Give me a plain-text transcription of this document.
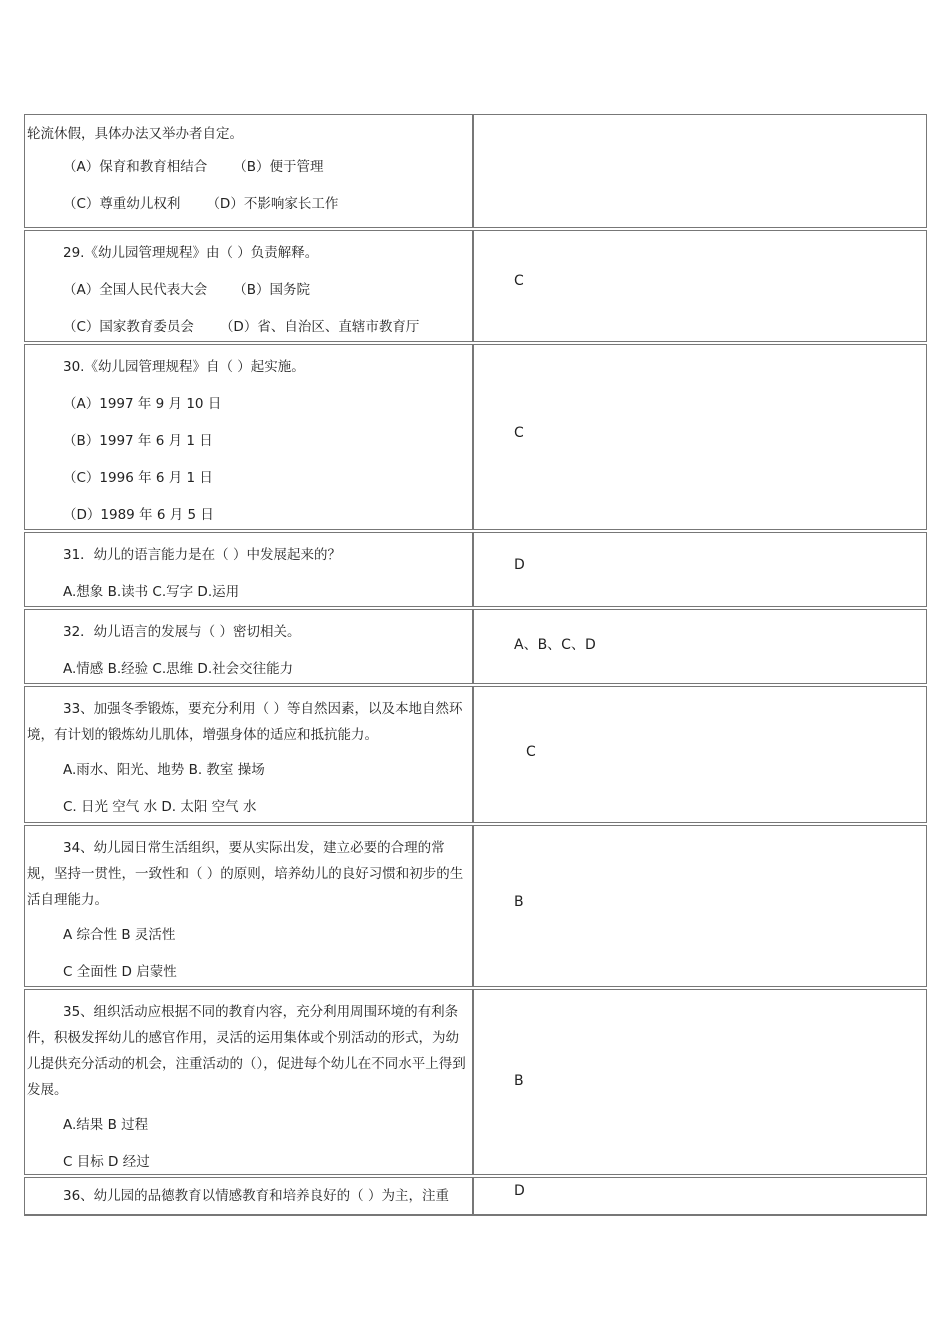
轮流休假，具体办法又举办者自定。
（A）保育和教育相结合 （B）便于管理
（C）尊重幼儿权利 （D）不影响家长工作
29.《幼儿园管理规程》由（ ）负责解释。
（A）全国人民代表大会 （B）国务院
（C）国家教育委员会 （D）省、自治区、直辖市教育厅
C
30.《幼儿园管理规程》自（ ）起实施。
（A）1997 年 9 月 10 日
（B）1997 年 6 月 1 日
（C）1996 年 6 月 1 日
（D）1989 年 6 月 5 日
C
31．幼儿的语言能力是在（ ）中发展起来的？
A.想象 B.读书 C.写字 D.运用
D
32．幼儿语言的发展与（ ）密切相关。
A.情感 B.经验 C.思维 D.社会交往能力
A、B、C、D
33、加强冬季锻炼，要充分利用（ ）等自然因素，以及本地自然环境，有计划的锻炼幼儿肌体，增强身体的适应和抵抗能力。
A.雨水、阳光、地势 B. 教室 操场
C. 日光 空气 水 D. 太阳 空气 水
C
34、幼儿园日常生活组织，要从实际出发，建立必要的合理的常规，坚持一贯性，一致性和（ ）的原则，培养幼儿的良好习惯和初步的生活自理能力。
A 综合性 B 灵活性
C 全面性 D 启蒙性
B
35、组织活动应根据不同的教育内容，充分利用周围环境的有利条件，积极发挥幼儿的感官作用，灵活的运用集体或个别活动的形式，为幼儿提供充分活动的机会，注重活动的（），促进每个幼儿在不同水平上得到发展。
A.结果 B 过程
C 目标 D 经过
B
36、幼儿园的品德教育以情感教育和培养良好的（ ）为主，注重	D
